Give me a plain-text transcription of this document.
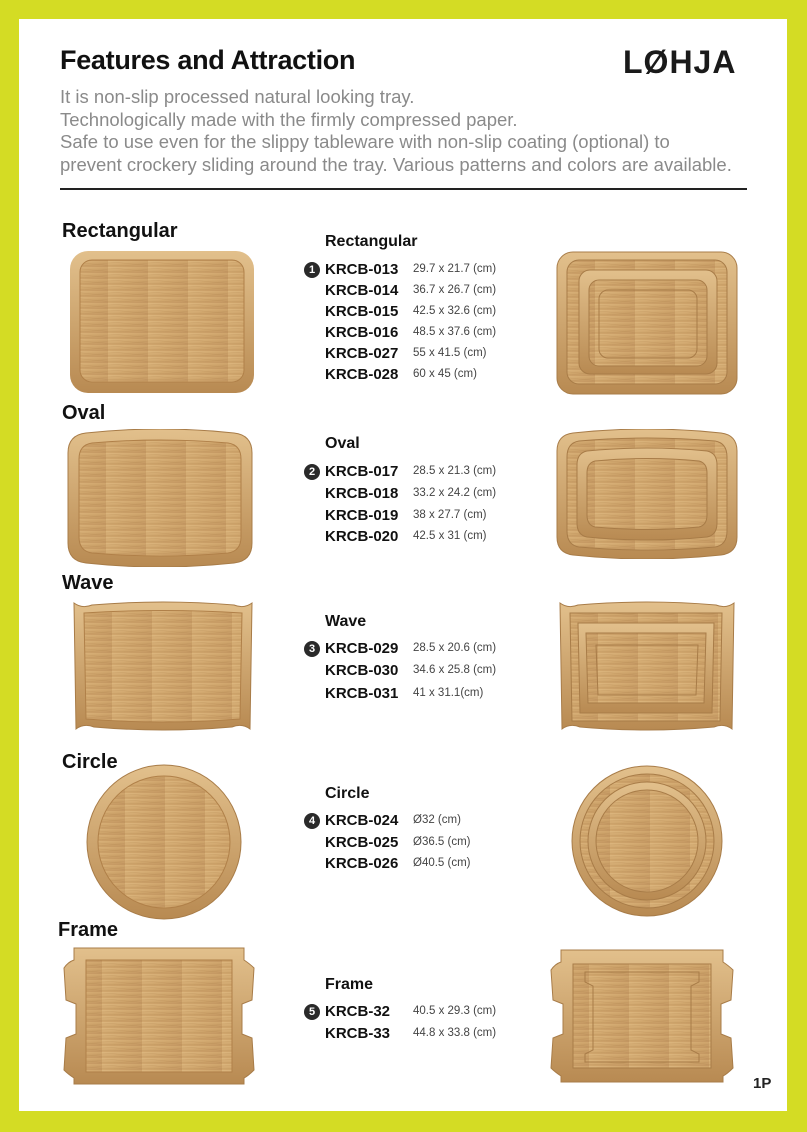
Features and Attraction	LØHJA
It is non-slip processed natural looking tray.
Technologically made with the firmly compressed paper.
Safe to use even for the slippy tableware with non-slip coating (optional) to
prevent crockery sliding around the tray. Various patterns and colors are available.
Rectangular	Rectangular
1 KRCB-013 29.7 x 21.7 (cm)
KRCB-014 36.7 x 26.7 (cm)
KRCB-015 42.5 x 32.6 (cm)
KRCB-016 48.5 x 37.6 (cm)
KRCB-027 55 x 41.5 (cm)
KRCB-028 60 x 45 (cm)
Oval
Oval
2 KRCB-017 28.5 x 21.3 (cm)
KRCB-018 33.2 x 24.2 (cm)
KRCB-019 38 x 27.7 (cm)
KRCB-020 42.5 x 31 (cm)
Wave
Wave
3 KRCB-029 28.5 x 20.6 (cm)
KRCB-030 34.6 x 25.8 (cm)
KRCB-031 41 x 31.1(cm)
Circle
Circle
4 KRCB-024 Ø32 (cm)
KRCB-025 Ø36.5 (cm)
KRCB-026 Ø40.5 (cm)
Frame
Frame
5 KRCB-32 40.5 x 29.3 (cm)
KRCB-33 44.8 x 33.8 (cm)
1P
